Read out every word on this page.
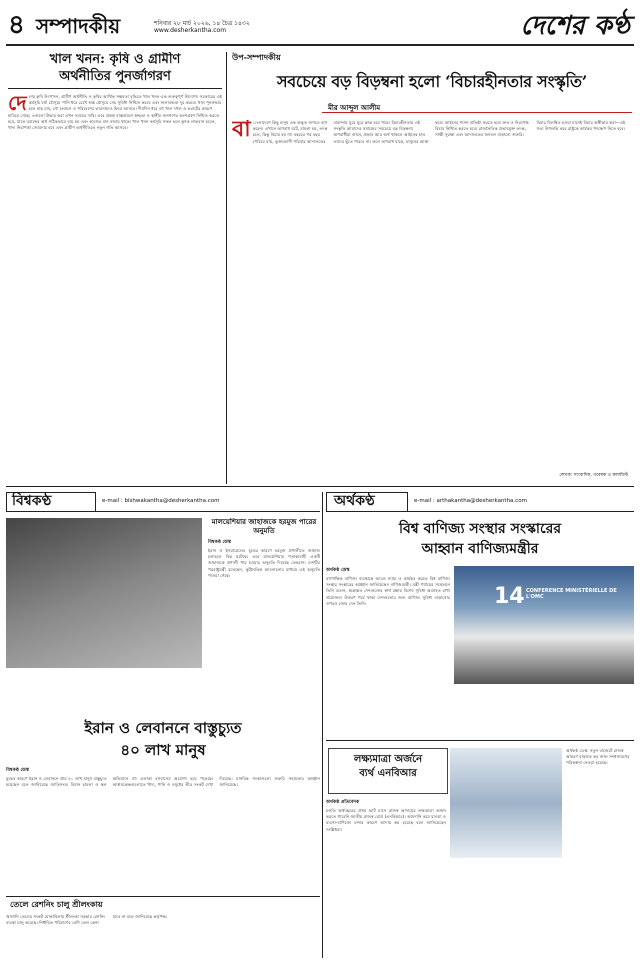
৪ সম্পাদকীয়	শনিবার ২৮ মার্চ ২০২৬, ১৪ চৈত্র ১৪৩২
www.desherkantha.com	দেশের কণ্ঠ
খাল খনন: কৃষি ও গ্রামীণ
অর্থনীতির পুনর্জাগরণ
দে শের কৃষি উৎপাদন, গ্রামীণ অর্থনীতি ও কৃষির আর্থিক সক্ষমতা বৃদ্ধিতে খাল খনন এক গুরুত্বপূর্ণ উদ্যোগ। সরকারের এই কর্মসূচি বর্ষা মৌসুমে পানি ধরে রেখে শুষ্ক মৌসুমে সেচ সুবিধা নিশ্চিত করবে এবং জলাবদ্ধতা দূর করবে। খাল পুনরুদ্ধার হলে মাছ চাষ, নৌ চলাচল ও পরিবেশের ভারসাম্যও ফিরে আসবে। দীর্ঘদিন ধরে বহু খাল দখল ও ভরাটের কারণে হারিয়ে গেছে; এগুলো উদ্ধার করা এখন সময়ের দাবি। তবে প্রকল্প বাস্তবায়নে স্বচ্ছতা ও স্থানীয় জনগণের অংশগ্রহণ নিশ্চিত করতে হবে, যাতে বরাদ্দের অর্থ সঠিকভাবে ব্যয় হয় এবং কাজের মান বজায় থাকে। খাল খনন কর্মসূচি সফল হলে কৃষক লাভবান হবেন, খাদ্য নিরাপত্তা জোরদার হবে এবং গ্রামীণ অর্থনীতিতে নতুন গতি আসবে।
উপ-সম্পাদকীয়
সবচেয়ে বড় বিড়ম্বনা হলো ‘বিচারহীনতার সংস্কৃতি’
মীর আব্দুল আলীম
বা ংলাদেশে কিছু মানুষ এক অদ্ভুত জগতে বাস করেন। এখানে অপরাধ ঘটে, মামলা হয়, তদন্ত চলে, কিন্তু বিচার হয় না। বছরের পর বছর পেরিয়ে যায়, ভুক্তভোগী পরিবার আদালতের বারান্দায় ঘুরে ঘুরে ক্লান্ত হয়ে পড়ে। বিচারহীনতার এই সংস্কৃতি আমাদের সমাজের সবচেয়ে বড় বিড়ম্বনা। অপরাধীরা জানে, প্রভাব আর অর্থ থাকলে আইনের হাত তাদের ছুঁতে পারবে না। ফলে অপরাধ বাড়ে, মানুষের আস্থা কমে। আইনের শাসন প্রতিষ্ঠা করতে হলে দ্রুত ও নিরপেক্ষ বিচার নিশ্চিত করতে হবে। রাজনৈতিক প্রভাবমুক্ত তদন্ত, সাক্ষী সুরক্ষা এবং আদালতের জনবল বাড়ানো জরুরি। বিচার বিলম্বিত হওয়া মানেই বিচার অস্বীকার করা—এই সত্য উপলব্ধি করে রাষ্ট্রকে কার্যকর পদক্ষেপ নিতে হবে।
লেখক: সাংবাদিক, গবেষক ও কলামিস্ট
বিশ্বকণ্ঠ	e-mail : bishwakantha@desherkantha.com
মালয়েশিয়ার জাহাজকে হরমুজ পারের অনুমতি
বিশ্বকণ্ঠ ডেস্ক
ইরান ও ইসরায়েলের যুদ্ধের কারণে হরমুজ প্রণালীতে জাহাজ চলাচলে বিঘ্ন ঘটেছে। তবে মালয়েশিয়ার পতাকাবাহী একটি জাহাজকে প্রণালী পার হওয়ার অনুমতি দিয়েছে তেহরান। দেশটির পররাষ্ট্রমন্ত্রী বলেছেন, কূটনৈতিক আলোচনার মাধ্যমে এই অনুমতি পাওয়া গেছে।
ইরান ও লেবাননে বাস্তুচ্যুত
৪০ লাখ মানুষ
বিশ্বকণ্ঠ ডেস্ক
যুদ্ধের কারণে ইরান ও লেবাননে প্রায় ৪০ লাখ মানুষ বাস্তুচ্যুত হয়েছেন বলে জানিয়েছে জাতিসংঘ। বিমান হামলা ও স্থল অভিযানে বহু এলাকা বসবাসের অযোগ্য হয়ে পড়েছে। আশ্রয়কেন্দ্রগুলোতে খাদ্য, পানি ও ওষুধের তীব্র সংকট দেখা দিয়েছে। মানবিক সংস্থাগুলো জরুরি সহায়তার আহ্বান জানিয়েছে।
তেলে রেশনিং চালু শ্রীলংকায়
জ্বালানি তেলের সংকট মোকাবিলায় শ্রীলংকা সরকার রেশনিং ব্যবস্থা চালু করেছে। নির্ধারিত পরিমাণের বেশি তেল কেনা যাবে না বলে জানিয়েছে কর্তৃপক্ষ।
অর্থকণ্ঠ	e-mail : arthakantha@desherkantha.com
বিশ্ব বাণিজ্য সংস্থার সংস্কারের
আহ্বান বাণিজ্যমন্ত্রীর
অর্থকণ্ঠ ডেস্ক
বহুপাক্ষিক বাণিজ্য ব্যবস্থাকে আরও ন্যায্য ও কার্যকর করতে বিশ্ব বাণিজ্য সংস্থার সংস্কারের আহ্বান জানিয়েছেন বাণিজ্যমন্ত্রী। মন্ত্রী পর্যায়ের সম্মেলনে তিনি বলেন, স্বল্পোন্নত দেশগুলোর স্বার্থ রক্ষায় বিশেষ সুবিধা অব্যাহত রাখা প্রয়োজন। উত্তরণ পর্বে থাকা দেশগুলোর জন্য বাণিজ্য সুবিধা বাড়ানোর ওপরও জোর দেন তিনি।	14 CONFERENCE MINISTÉRIELLE DE L'OMC
লক্ষ্যমাত্রা অর্জনে
ব্যর্থ এনবিআর
অর্থকণ্ঠ প্রতিবেদক
চলতি অর্থবছরের প্রথম আট মাসে রাজস্ব আদায়ের লক্ষ্যমাত্রা অর্জন করতে পারেনি জাতীয় রাজস্ব বোর্ড (এনবিআর)। আমদানি কমে যাওয়া ও ব্যবসা-বাণিজ্যে মন্দার কারণে আদায় কম হয়েছে বলে জানিয়েছেন সংশ্লিষ্টরা।
অর্থকণ্ঠ ডেস্ক: নতুন বাজেটে রাজস্ব আহরণ বাড়াতে কর জাল সম্প্রসারণের পরিকল্পনা নেওয়া হয়েছে।
